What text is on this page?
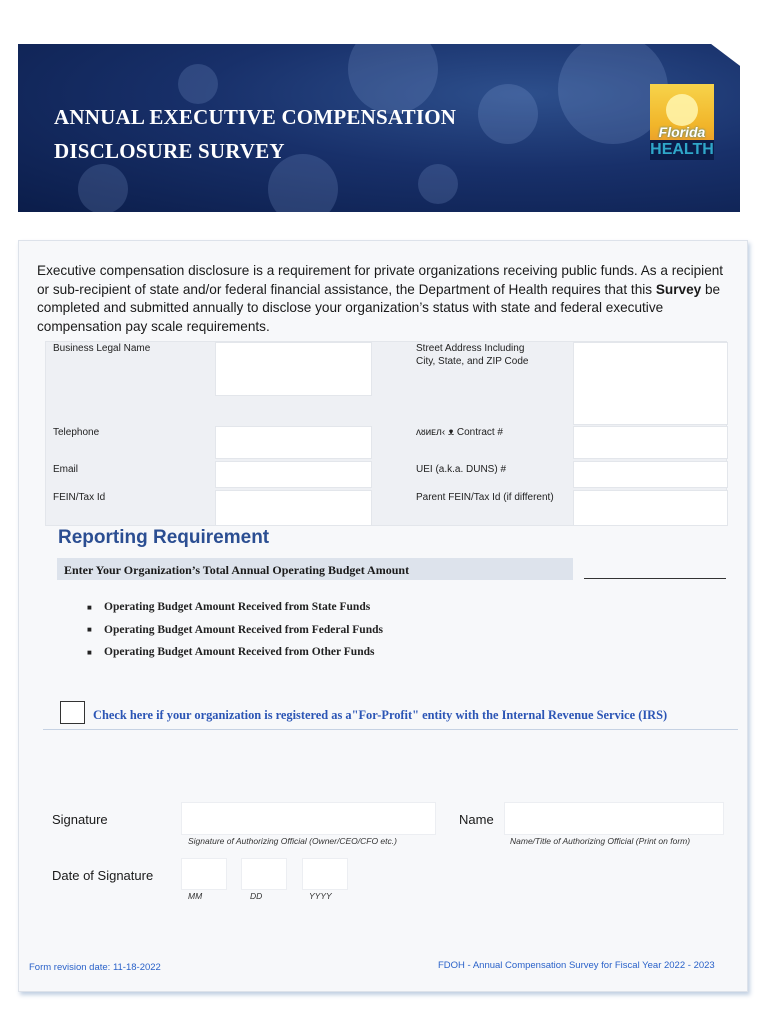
ANNUAL EXECUTIVE COMPENSATION
DISCLOSURE SURVEY
Florida
HEALTH

Executive compensation disclosure is a requirement for private organizations receiving public funds. As a recipient or sub-recipient of state and/or federal financial assistance, the Department of Health requires that this Survey be completed and submitted annually to disclose your organization’s status with state and federal executive compensation pay scale requirements.

Business Legal Name	Street Address Including
City, State, and ZIP Code
Telephone	ᴧᴕᴎᴇᴫ‹ ᴥ Contract #
Email	UEI (a.k.a. DUNS) #
FEIN/Tax Id	Parent FEIN/Tax Id (if different)
Reporting Requirement
Enter Your Organization’s Total Annual Operating Budget Amount
■	Operating Budget Amount Received from State Funds
■	Operating Budget Amount Received from Federal Funds
■	Operating Budget Amount Received from Other Funds
Check here if your organization is registered as a"For-Profit" entity with the Internal Revenue Service (IRS)
Signature
Signature of Authorizing Official (Owner/CEO/CFO etc.)
Name
Name/Title of Authorizing Official (Print on form)
Date of Signature
MM	DD	YYYY
Form revision date: 11-18-2022	FDOH - Annual Compensation Survey for Fiscal Year 2022 - 2023
